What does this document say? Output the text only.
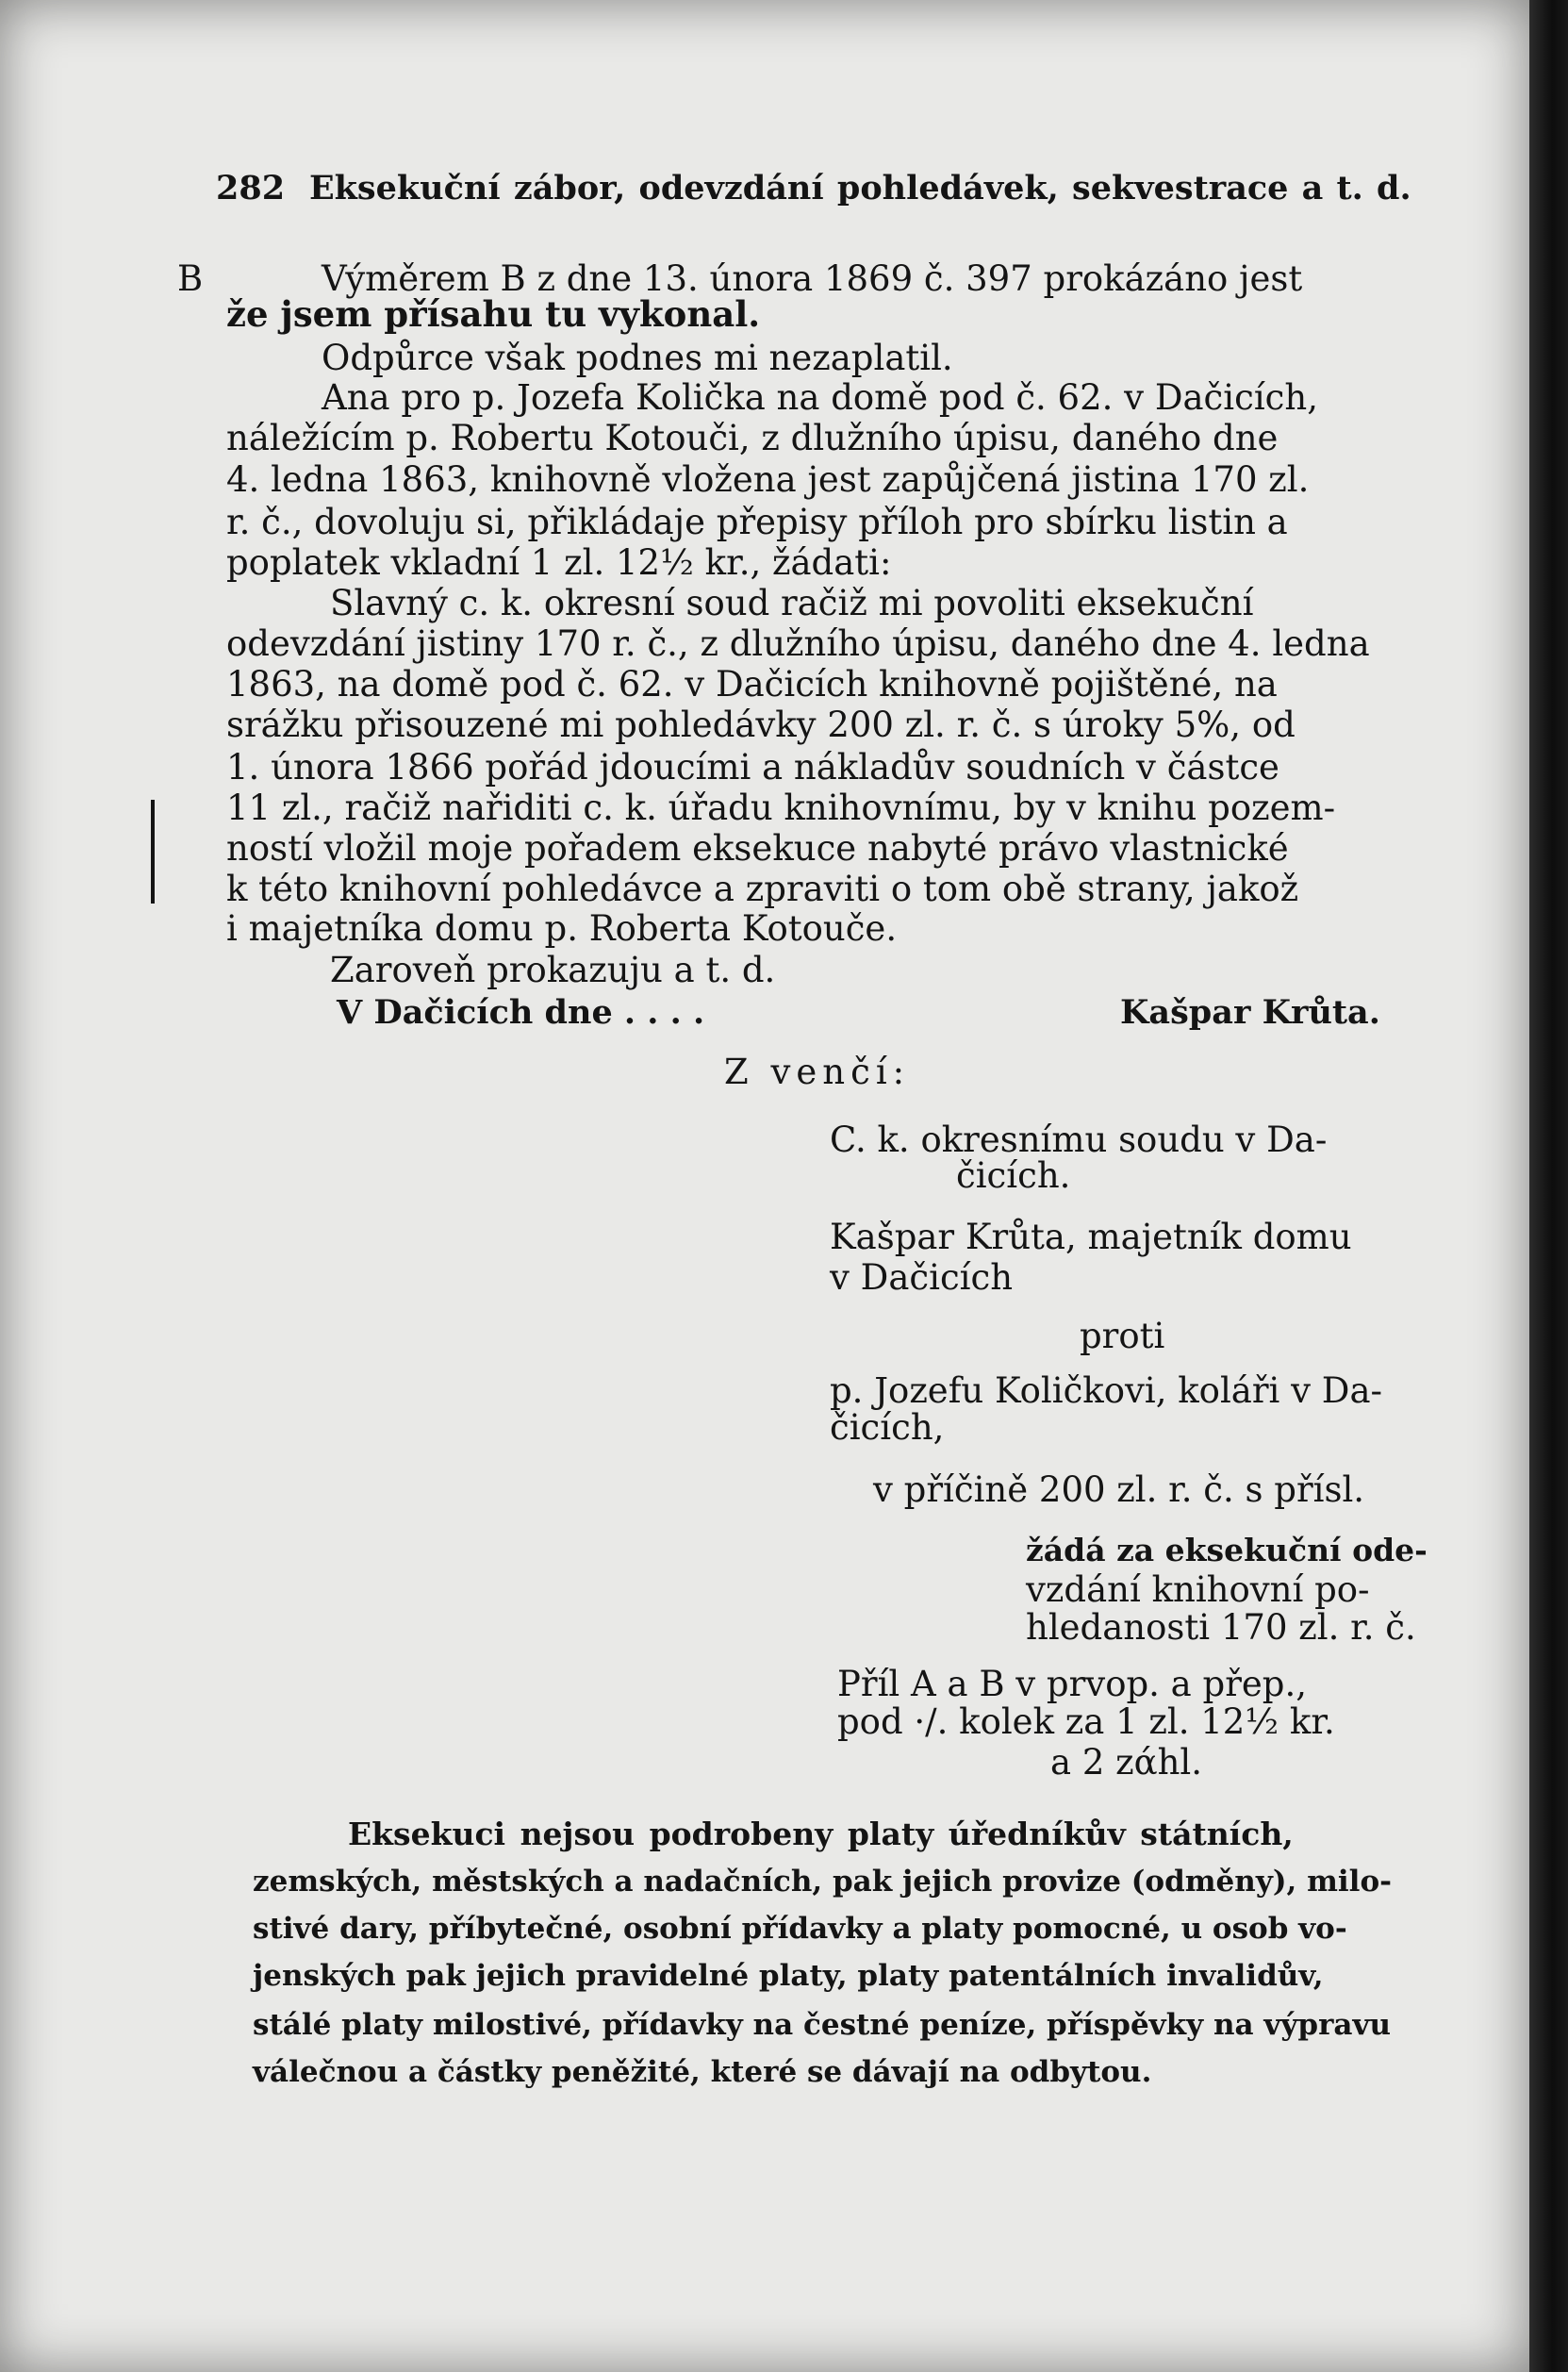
282 Eksekuční zábor, odevzdání pohledávek, sekvestrace a t. d.

B	Výměrem B z dne 13. února 1869 č. 397 prokázáno jest

že jsem přísahu tu vykonal.

Odpůrce však podnes mi nezaplatil.

Ana pro p. Jozefa Količka na domě pod č. 62. v Dačicích,

náležícím p. Robertu Kotouči, z dlužního úpisu, daného dne

4. ledna 1863, knihovně vložena jest zapůjčená jistina 170 zl.

r. č., dovoluju si, přikládaje přepisy příloh pro sbírku listin a

poplatek vkladní 1 zl. 12½ kr., žádati:

Slavný c. k. okresní soud račiž mi povoliti eksekuční

odevzdání jistiny 170 r. č., z dlužního úpisu, daného dne 4. ledna

1863, na domě pod č. 62. v Dačicích knihovně pojištěné, na

srážku přisouzené mi pohledávky 200 zl. r. č. s úroky 5%, od

1. února 1866 pořád jdoucími a nákladův soudních v částce

11 zl., račiž nařiditi c. k. úřadu knihovnímu, by v knihu pozem-

ností vložil moje pořadem eksekuce nabyté právo vlastnické

k této knihovní pohledávce a zpraviti o tom obě strany, jakož

i majetníka domu p. Roberta Kotouče.

Zaroveň prokazuju a t. d.

V Dačicích dne . . . .	Kašpar Krůta.

Z venčí:

C. k. okresnímu soudu v Da-

čicích.

Kašpar Krůta, majetník domu

v Dačicích

proti

p. Jozefu Količkovi, koláři v Da-

čicích,

v příčině 200 zl. r. č. s přísl.

žádá za eksekuční ode-

vzdání knihovní po-

hledanosti 170 zl. r. č.

Příl A a B v prvop. a přep.,

pod ·/. kolek za 1 zl. 12½ kr.

a 2 zάhl.

Eksekuci nejsou podrobeny platy úředníkův státních,

zemských, městských a nadačních, pak jejich provize (odměny), milo-

stivé dary, příbytečné, osobní přídavky a platy pomocné, u osob vo-

jenských pak jejich pravidelné platy, platy patentálních invalidův,

stálé platy milostivé, přídavky na čestné peníze, příspěvky na výpravu

válečnou a částky peněžité, které se dávají na odbytou.
